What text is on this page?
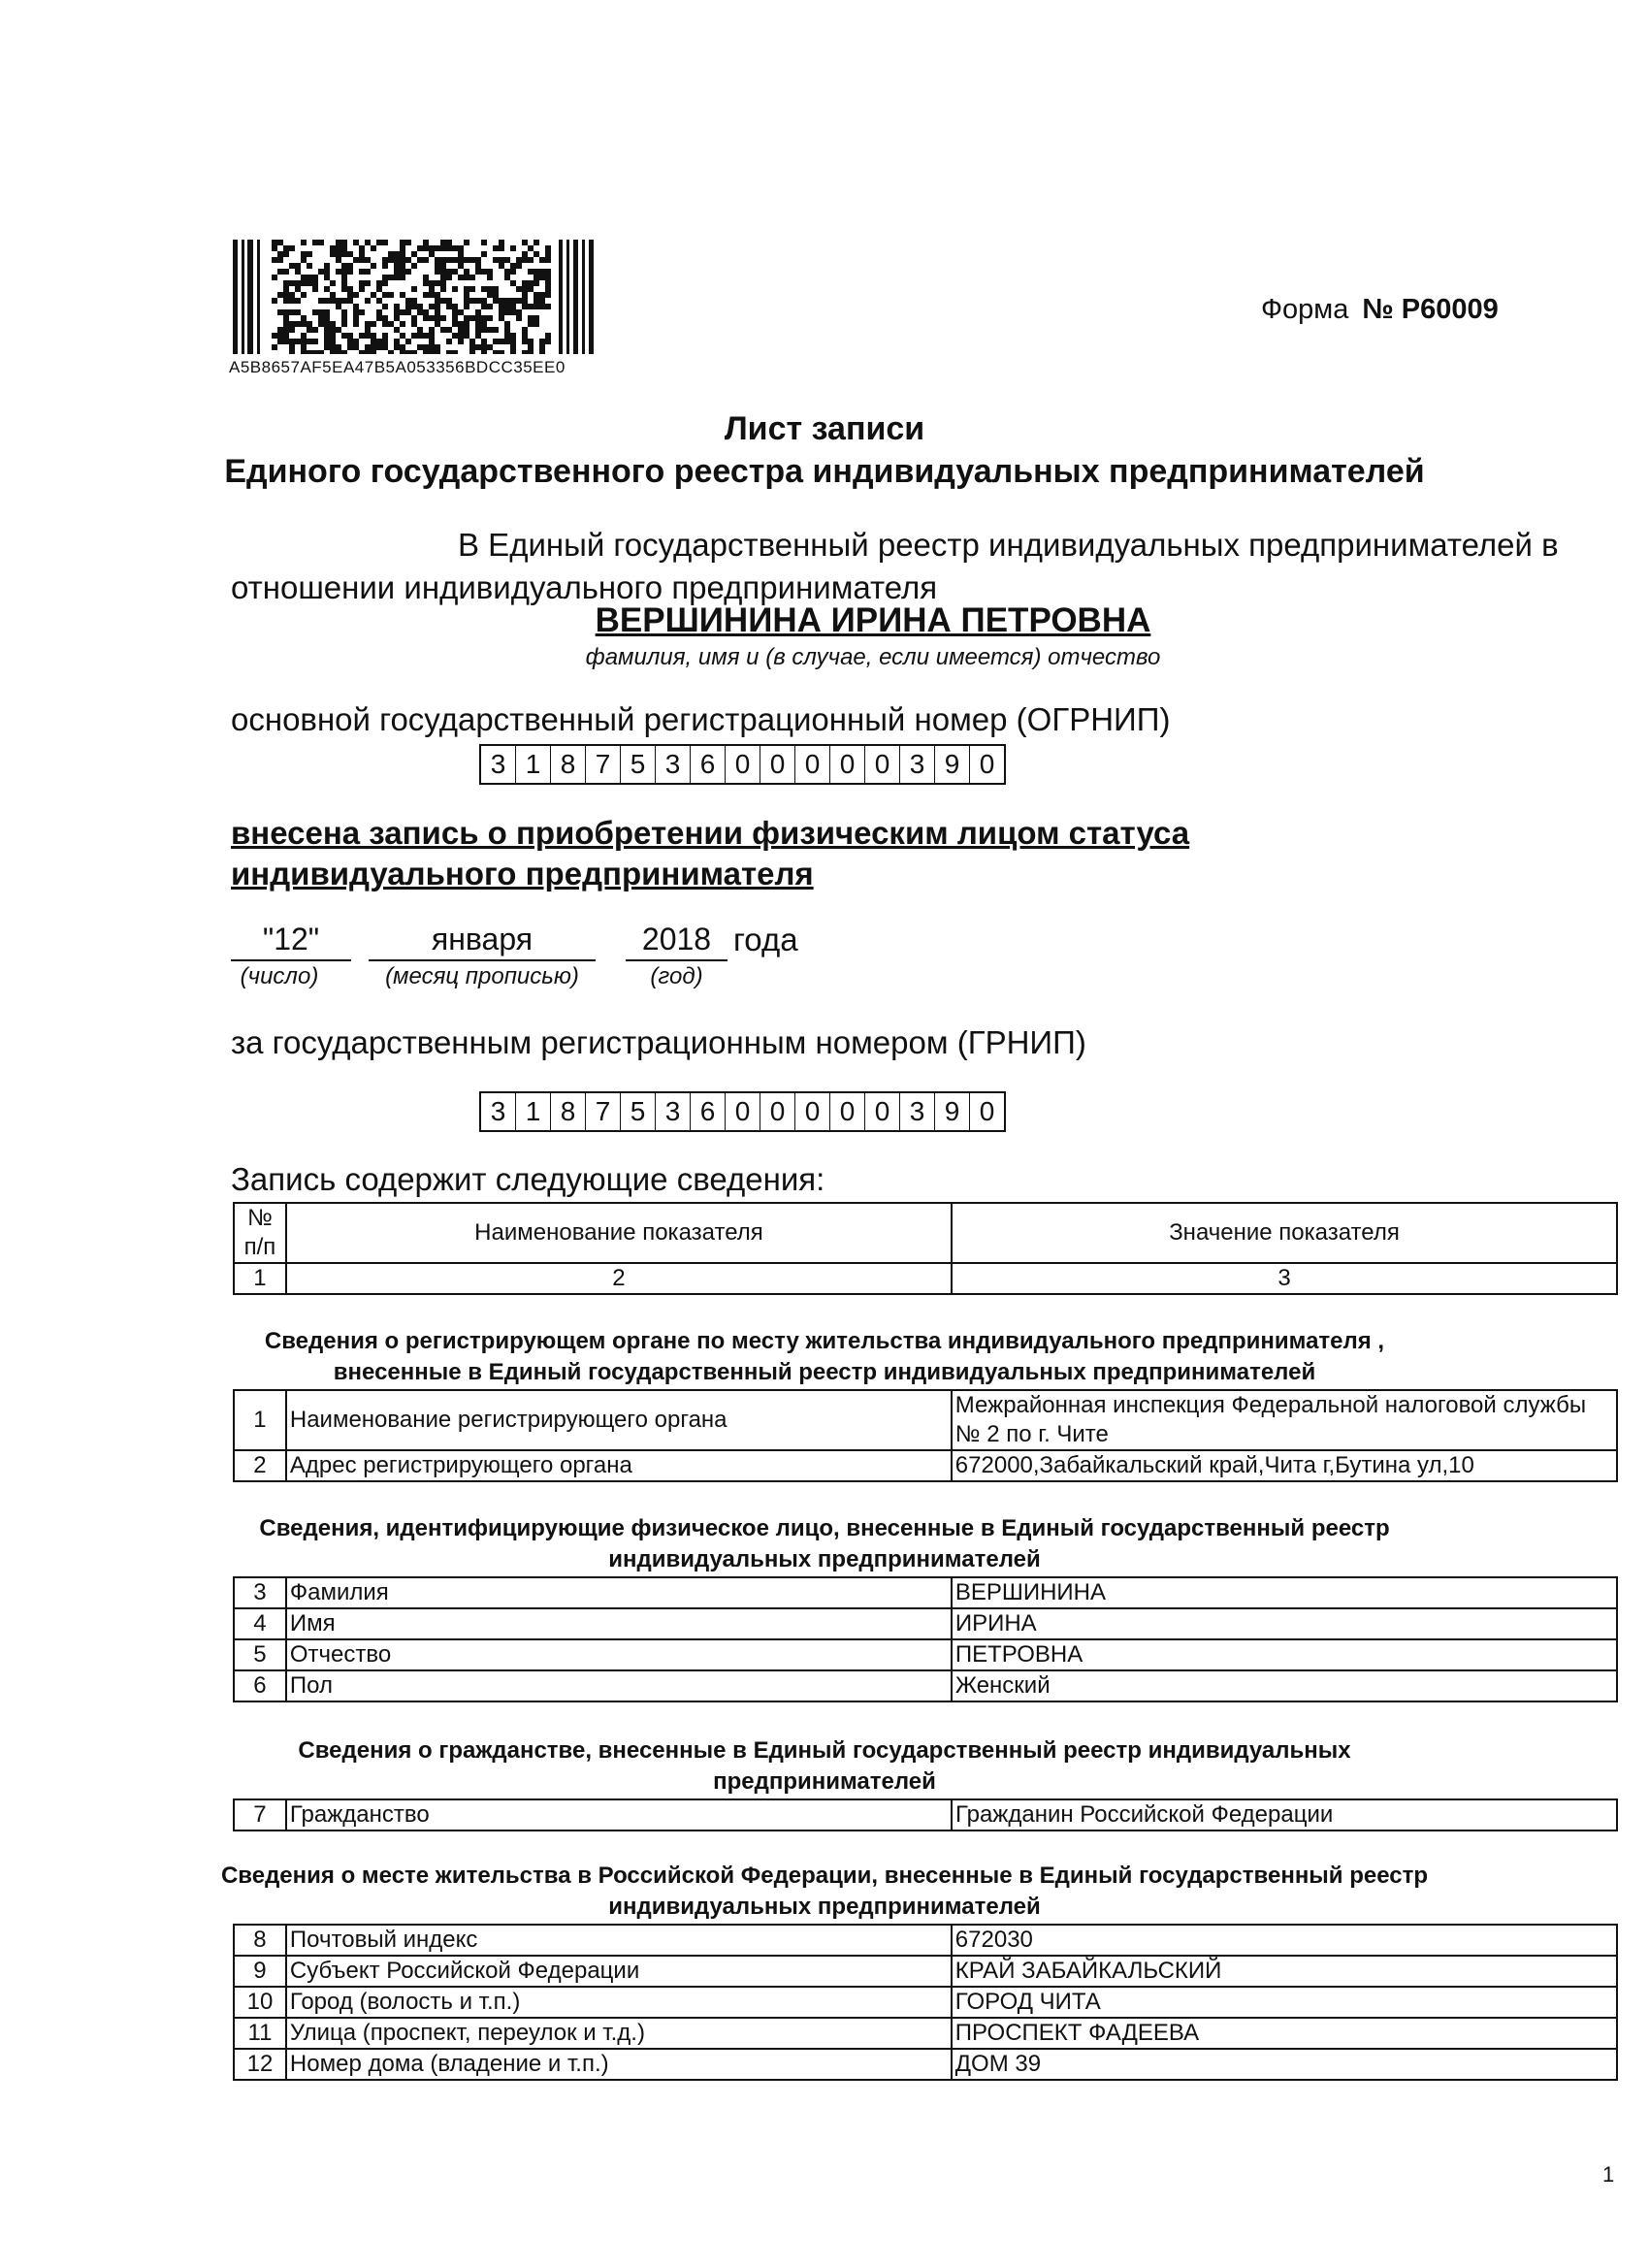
A5B8657AF5EA47B5A053356BDCC35EE0
Форма № Р60009
Лист записи
Единого государственного реестра индивидуальных предпринимателей
В Единый государственный реестр индивидуальных предпринимателей в
отношении индивидуального предпринимателя
ВЕРШИНИНА ИРИНА ПЕТРОВНА
фамилия, имя и (в случае, если имеется) отчество
основной государственный регистрационный номер (ОГРНИП)
3 1 8 7 5 3 6 0 0 0 0 0 3 9 0
внесена запись о приобретении физическим лицом статуса
индивидуального предпринимателя
"12"	января	2018 года
(число)	(месяц прописью)	(год)
за государственным регистрационным номером (ГРНИП)
3 1 8 7 5 3 6 0 0 0 0 0 3 9 0
Запись содержит следующие сведения:
№ п/п	Наименование показателя	Значение показателя
1	2	3
Сведения о регистрирующем органе по месту жительства индивидуального предпринимателя ,
внесенные в Единый государственный реестр индивидуальных предпринимателей
1	Наименование регистрирующего органа	Межрайонная инспекция Федеральной налоговой службы № 2 по г. Чите
2	Адрес регистрирующего органа	672000,Забайкальский край,Чита г,Бутина ул,10
Сведения, идентифицирующие физическое лицо, внесенные в Единый государственный реестр
индивидуальных предпринимателей
3	Фамилия	ВЕРШИНИНА
4	Имя	ИРИНА
5	Отчество	ПЕТРОВНА
6	Пол	Женский
Сведения о гражданстве, внесенные в Единый государственный реестр индивидуальных
предпринимателей
7	Гражданство	Гражданин Российской Федерации
Сведения о месте жительства в Российской Федерации, внесенные в Единый государственный реестр
индивидуальных предпринимателей
8	Почтовый индекс	672030
9	Субъект Российской Федерации	КРАЙ ЗАБАЙКАЛЬСКИЙ
10	Город (волость и т.п.)	ГОРОД ЧИТА
11	Улица (проспект, переулок и т.д.)	ПРОСПЕКТ ФАДЕЕВА
12	Номер дома (владение и т.п.)	ДОМ 39
1
